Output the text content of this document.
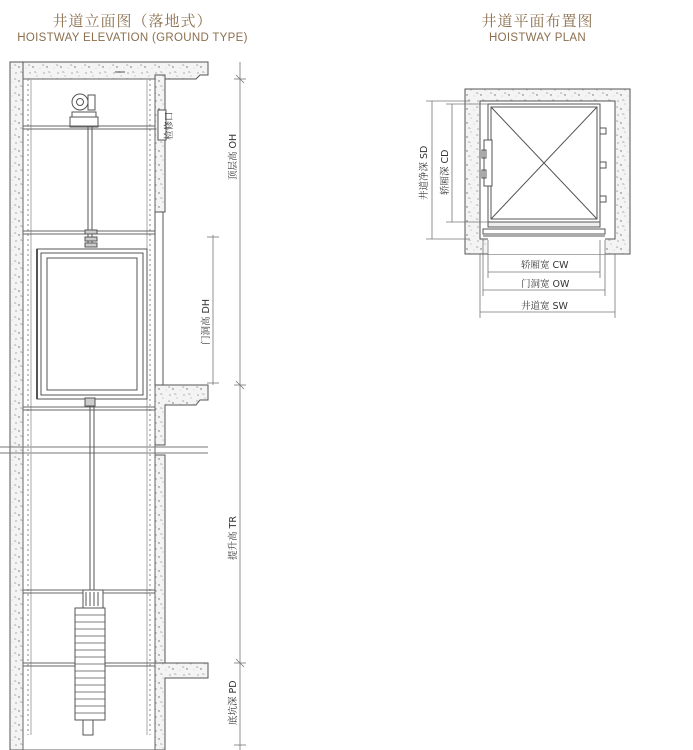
井道立面图（落地式）
HOISTWAY ELEVATION (GROUND TYPE)
井道平面布置图
HOISTWAY PLAN
检修口
顶层高 OH
门洞高 DH
提升高 TR
底坑深 PD
井道净深 SD 轿厢深 CD
轿厢宽 CW
门洞宽 OW
井道宽 SW
